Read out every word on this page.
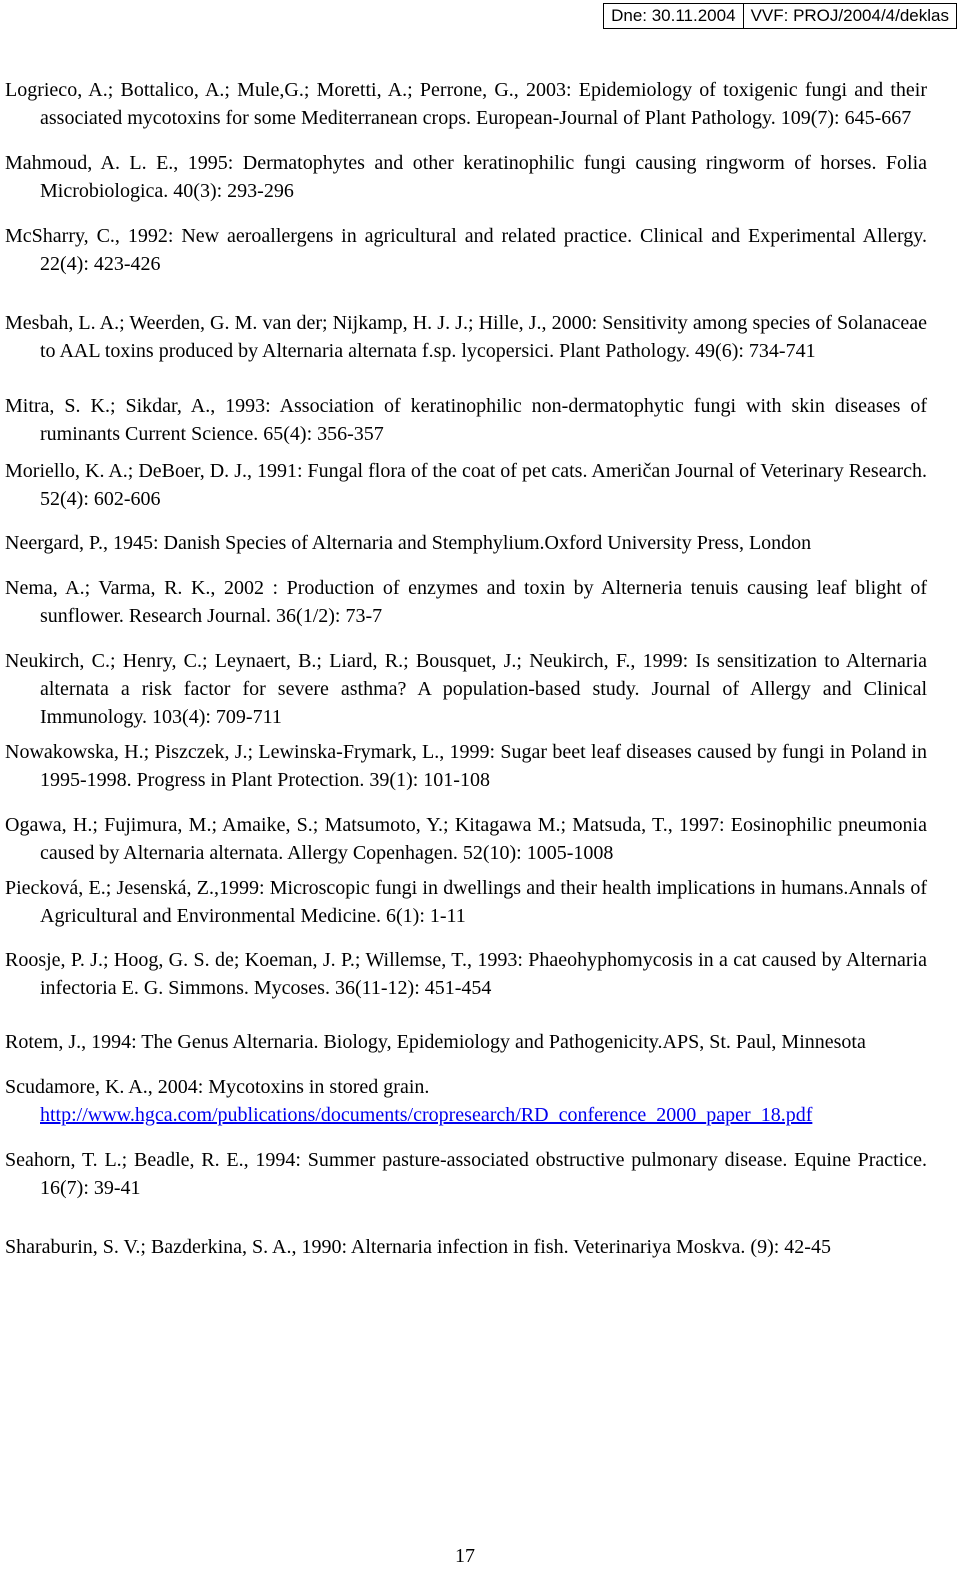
Dne: 30.11.2004 VVF: PROJ/2004/4/deklas

Logrieco, A.; Bottalico, A.; Mule,G.; Moretti, A.; Perrone, G., 2003: Epidemiology of toxigenic fungi and their associated mycotoxins for some Mediterranean crops. European-Journal of Plant Pathology. 109(7): 645-667

Mahmoud, A. L. E., 1995: Dermatophytes and other keratinophilic fungi causing ringworm of horses. Folia Microbiologica. 40(3): 293-296

McSharry, C., 1992: New aeroallergens in agricultural and related practice. Clinical and Experimental Allergy. 22(4): 423-426

Mesbah, L. A.; Weerden, G. M. van der; Nijkamp, H. J. J.; Hille, J., 2000: Sensitivity among species of Solanaceae to AAL toxins produced by Alternaria alternata f.sp. lycopersici. Plant Pathology. 49(6): 734-741

Mitra, S. K.; Sikdar, A., 1993: Association of keratinophilic non-dermatophytic fungi with skin diseases of ruminants Current Science. 65(4): 356-357

Moriello, K. A.; DeBoer, D. J., 1991: Fungal flora of the coat of pet cats. Američan Journal of Veterinary Research. 52(4): 602-606

Neergard, P., 1945: Danish Species of Alternaria and Stemphylium.Oxford University Press, London

Nema, A.; Varma, R. K., 2002 : Production of enzymes and toxin by Alterneria tenuis causing leaf blight of sunflower. Research Journal. 36(1/2): 73-7

Neukirch, C.; Henry, C.; Leynaert, B.; Liard, R.; Bousquet, J.; Neukirch, F., 1999: Is sensitization to Alternaria alternata a risk factor for severe asthma? A population-based study. Journal of Allergy and Clinical Immunology. 103(4): 709-711

Nowakowska, H.; Piszczek, J.; Lewinska-Frymark, L., 1999: Sugar beet leaf diseases caused by fungi in Poland in 1995-1998. Progress in Plant Protection. 39(1): 101-108

Ogawa, H.; Fujimura, M.; Amaike, S.; Matsumoto, Y.; Kitagawa M.; Matsuda, T., 1997: Eosinophilic pneumonia caused by Alternaria alternata. Allergy Copenhagen. 52(10): 1005-1008

Piecková, E.; Jesenská, Z.,1999: Microscopic fungi in dwellings and their health implications in humans.Annals of Agricultural and Environmental Medicine. 6(1): 1-11

Roosje, P. J.; Hoog, G. S. de; Koeman, J. P.; Willemse, T., 1993: Phaeohyphomycosis in a cat caused by Alternaria infectoria E. G. Simmons. Mycoses. 36(11-12): 451-454

Rotem, J., 1994: The Genus Alternaria. Biology, Epidemiology and Pathogenicity.APS, St. Paul, Minnesota

Scudamore, K. A., 2004: Mycotoxins in stored grain.
http://www.hgca.com/publications/documents/cropresearch/RD_conference_2000_paper_18.pdf

Seahorn, T. L.; Beadle, R. E., 1994: Summer pasture-associated obstructive pulmonary disease. Equine Practice. 16(7): 39-41

Sharaburin, S. V.; Bazderkina, S. A., 1990: Alternaria infection in fish. Veterinariya Moskva. (9): 42-45

17
